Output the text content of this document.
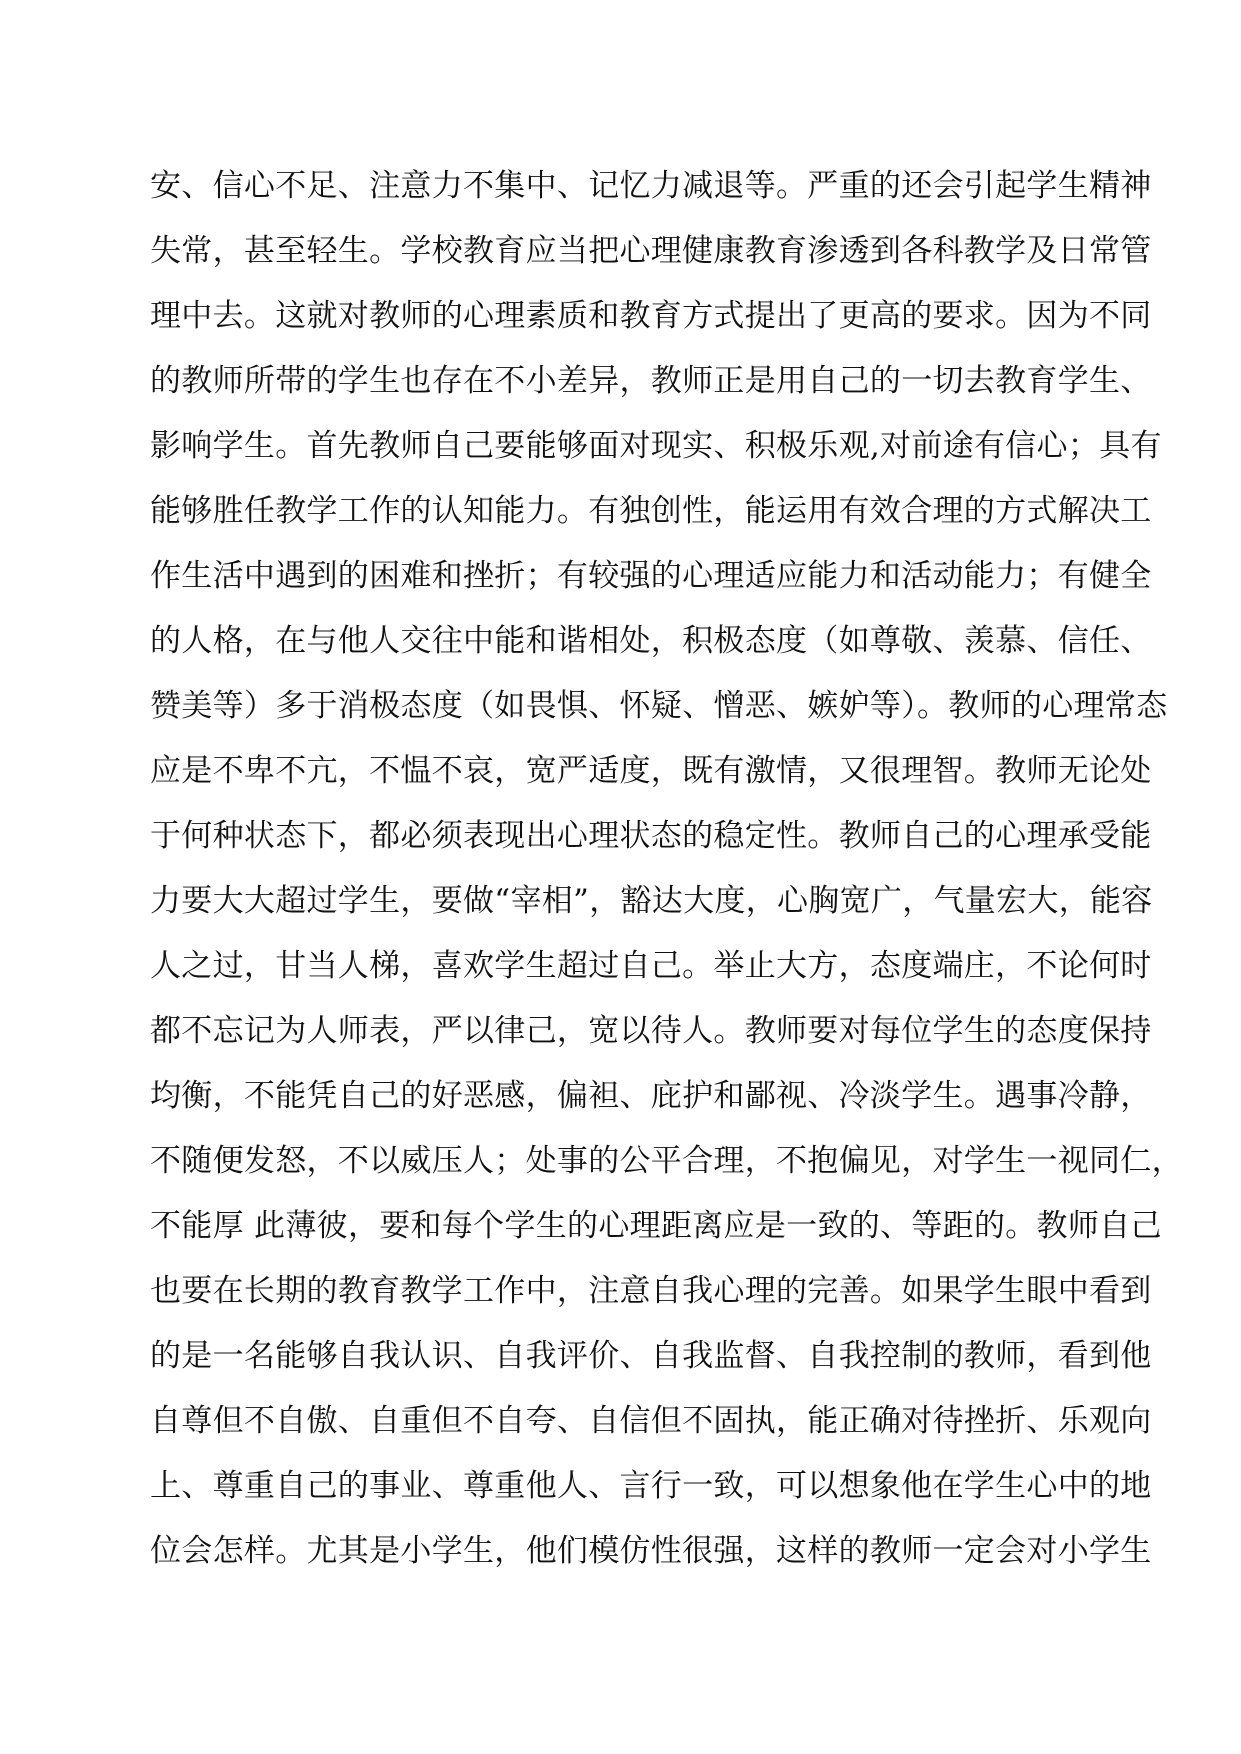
安、信心不足、注意力不集中、记忆力减退等。严重的还会引起学生精神
失常，甚至轻生。学校教育应当把心理健康教育渗透到各科教学及日常管
理中去。这就对教师的心理素质和教育方式提出了更高的要求。因为不同
的教师所带的学生也存在不小差异，教师正是用自己的一切去教育学生、
影响学生。首先教师自己要能够面对现实、积极乐观,对前途有信心；具有
能够胜任教学工作的认知能力。有独创性，能运用有效合理的方式解决工
作生活中遇到的困难和挫折；有较强的心理适应能力和活动能力；有健全
的人格，在与他人交往中能和谐相处，积极态度（如尊敬、羡慕、信任、
赞美等）多于消极态度（如畏惧、怀疑、憎恶、嫉妒等）。教师的心理常态
应是不卑不亢，不愠不哀，宽严适度，既有激情，又很理智。教师无论处
于何种状态下，都必须表现出心理状态的稳定性。教师自己的心理承受能
力要大大超过学生，要做“宰相”，豁达大度，心胸宽广，气量宏大，能容
人之过，甘当人梯，喜欢学生超过自己。举止大方，态度端庄，不论何时
都不忘记为人师表，严以律己，宽以待人。教师要对每位学生的态度保持
均衡，不能凭自己的好恶感，偏袒、庇护和鄙视、冷淡学生。遇事冷静，
不随便发怒，不以威压人；处事的公平合理，不抱偏见，对学生一视同仁，
不能厚 此薄彼，要和每个学生的心理距离应是一致的、等距的。教师自己
也要在长期的教育教学工作中，注意自我心理的完善。如果学生眼中看到
的是一名能够自我认识、自我评价、自我监督、自我控制的教师，看到他
自尊但不自傲、自重但不自夸、自信但不固执，能正确对待挫折、乐观向
上、尊重自己的事业、尊重他人、言行一致，可以想象他在学生心中的地
位会怎样。尤其是小学生，他们模仿性很强，这样的教师一定会对小学生
